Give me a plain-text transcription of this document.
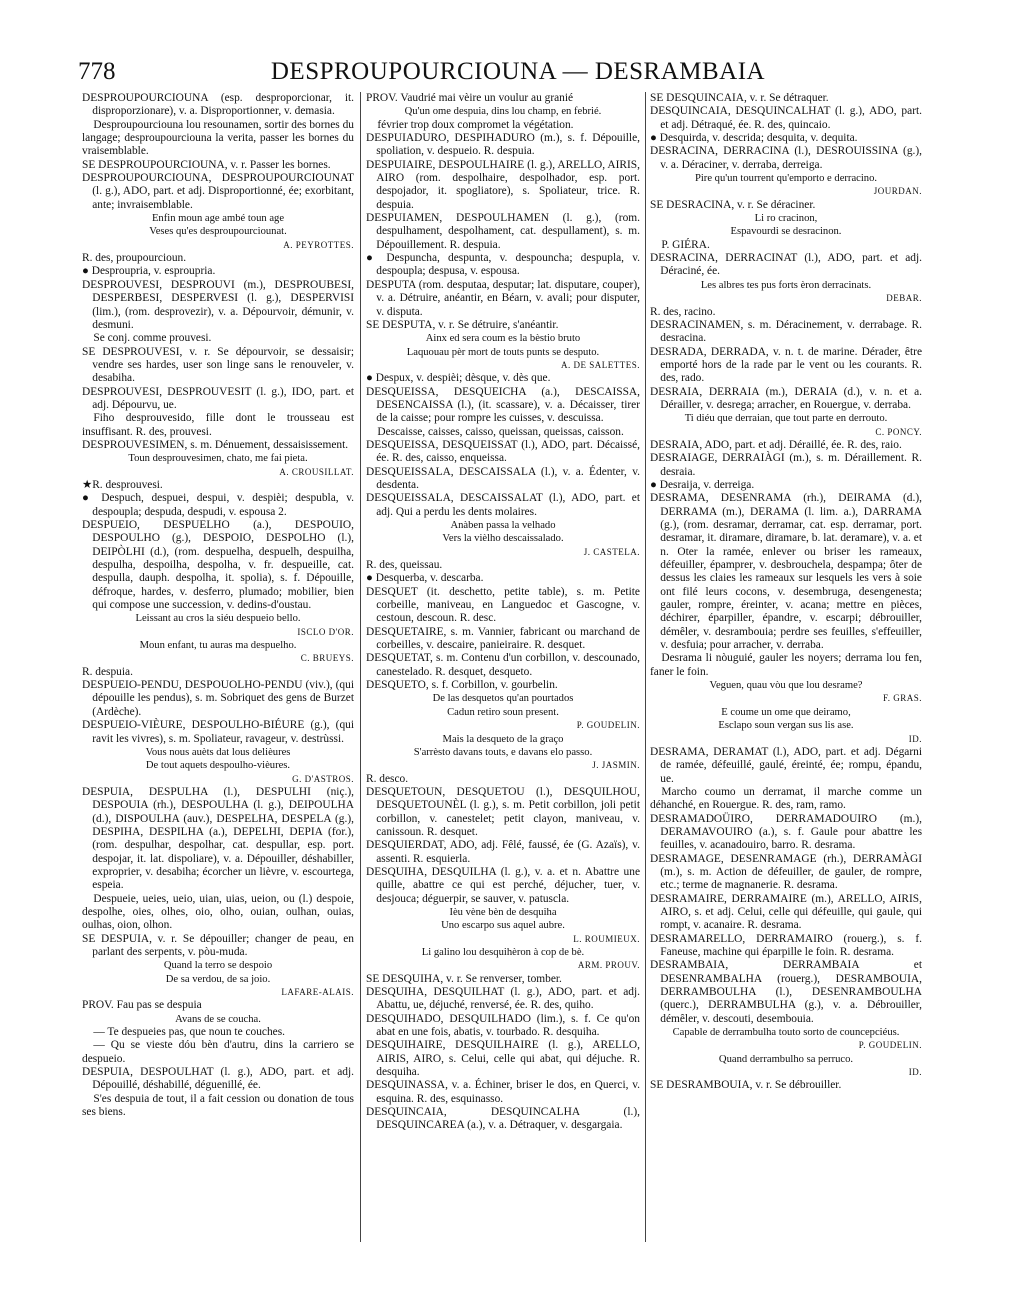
778	DESPROUPOURCIOUNA — DESRAMBAIA

DESPROUPOURCIOUNA (esp. desproporcionar, it. disproporzionare), v. a. Disproportionner, v. demasia.

Desproupourciouna lou resounamen, sortir des bornes du langage; desproupourciouna la verita, passer les bornes du vraisemblable.

SE DESPROUPOURCIOUNA, v. r. Passer les bornes.

DESPROUPOURCIOUNA, DESPROUPOURCIOUNAT (l. g.), ADO, part. et adj. Disproportionné, ée; exorbitant, ante; invraisemblable.

Enfin moun age ambé toun age

Veses qu'es desproupourciounat.

A. PEYROTTES.

R. des, proupourcioun.

● Desproupria, v. esproupria.

DESPROUVESI, DESPROUVI (m.), DESPROUBESI, DESPERBESI, DESPERVESI (l. g.), DESPERVISI (lim.), (rom. desprovezir), v. a. Dépourvoir, démunir, v. desmuni.

Se conj. comme prouvesi.

SE DESPROUVESI, v. r. Se dépourvoir, se dessaisir; vendre ses hardes, user son linge sans le renouveler, v. desabiha.

DESPROUVESI, DESPROUVESIT (l. g.), IDO, part. et adj. Dépourvu, ue.

Fiho desprouvesido, fille dont le trousseau est insuffisant. R. des, prouvesi.

DESPROUVESIMEN, s. m. Dénuement, dessaisissement.

Toun desprouvesimen, chato, me fai pieta.

A. CROUSILLAT.

★R. desprouvesi.

● Despuch, despuei, despui, v. despièi; despubla, v. despoupla; despuda, despudi, v. espousa 2.

DESPUEIO, DESPUELHO (a.), DESPOUIO, DESPOULHO (g.), DESPOIO, DESPOLHO (l.), DEIPÒLHI (d.), (rom. despuelha, despuelh, despuilha, despulha, despoilha, despolha, v. fr. despueille, cat. despulla, dauph. despolha, it. spolia), s. f. Dépouille, défroque, hardes, v. desferro, plumado; mobilier, bien qui compose une succession, v. dedins-d'oustau.

Leissant au cros la siéu despueio bello.

ISCLO D'OR.

Moun enfant, tu auras ma despuelho.

C. BRUEYS.

R. despuia.

DESPUEIO-PENDU, DESPOUOLHO-PENDU (viv.), (qui dépouille les pendus), s. m. Sobriquet des gens de Burzet (Ardèche).

DESPUEIO-VIÈURE, DESPOULHO-BIÉURE (g.), (qui ravit les vivres), s. m. Spoliateur, ravageur, v. destrùssi.

Vous nous auèts dat lous delièures

De tout aquets despoulho-vièures.

G. D'ASTROS.

DESPUIA, DESPULHA (l.), DESPULHI (niç.), DESPOUIA (rh.), DESPOULHA (l. g.), DEIPOULHA (d.), DISPOULHA (auv.), DESPELHA, DESPELA (g.), DESPIHA, DESPILHA (a.), DEPELHI, DEPIA (for.), (rom. despulhar, despolhar, cat. despullar, esp. port. despojar, it. lat. dispoliare), v. a. Dépouiller, déshabiller, exproprier, v. desabiha; écorcher un lièvre, v. escourtega, espeia.

Despueie, ueies, ueio, uian, uias, ueion, ou (l.) despoie, despolhe, oies, olhes, oio, olho, ouian, oulhan, ouias, oulhas, oion, olhon.

SE DESPUIA, v. r. Se dépouiller; changer de peau, en parlant des serpents, v. pòu-muda.

Quand la terro se despoio

De sa verdou, de sa joio.

LAFARE-ALAIS.

PROV. Fau pas se despuia

Avans de se coucha.

— Te despueies pas, que noun te couches.

— Qu se vieste dóu bèn d'autru, dins la carriero se despueio.

DESPUIA, DESPOULHAT (l. g.), ADO, part. et adj. Dépouillé, déshabillé, déguenillé, ée.

S'es despuia de tout, il a fait cession ou donation de tous ses biens.

PROV. Vaudrié mai vèire un voulur au granié

Qu'un ome despuia, dins lou champ, en febrié.

février trop doux compromet la végétation.

DESPUIADURO, DESPIHADURO (m.), s. f. Dépouille, spoliation, v. despueio. R. despuia.

DESPUIAIRE, DESPOULHAIRE (l. g.), ARELLO, AIRIS, AIRO (rom. despolhaire, despolhador, esp. port. despojador, it. spogliatore), s. Spoliateur, trice. R. despuia.

DESPUIAMEN, DESPOULHAMEN (l. g.), (rom. despulhament, despolhament, cat. despullament), s. m. Dépouillement. R. despuia.

● Despuncha, despunta, v. despouncha; despupla, v. despoupla; despusa, v. espousa.

DESPUTA (rom. desputaa, desputar; lat. disputare, couper), v. a. Détruire, anéantir, en Béarn, v. avali; pour disputer, v. disputa.

SE DESPUTA, v. r. Se détruire, s'anéantir.

Ainx ed sera coum es la bèstio bruto

Laquouau pèr mort de touts punts se desputo.

A. DE SALETTES.

● Despux, v. despièi; dèsque, v. dès que.

DESQUEISSA, DESQUEICHA (a.), DESCAISSA, DESENCAISSA (l.), (it. scassare), v. a. Décaisser, tirer de la caisse; pour rompre les cuisses, v. descuissa.

Descaisse, caisses, caisso, queissan, queissas, caisson.

DESQUEISSA, DESQUEISSAT (l.), ADO, part. Décaissé, ée. R. des, caisso, enqueissa.

DESQUEISSALA, DESCAISSALA (l.), v. a. Édenter, v. desdenta.

DESQUEISSALA, DESCAISSALAT (l.), ADO, part. et adj. Qui a perdu les dents molaires.

Anàben passa la velhado

Vers la vièlho descaissalado.

J. CASTELA.

R. des, queissau.

● Desquerba, v. descarba.

DESQUET (it. deschetto, petite table), s. m. Petite corbeille, maniveau, en Languedoc et Gascogne, v. cestoun, descoun. R. desc.

DESQUETAIRE, s. m. Vannier, fabricant ou marchand de corbeilles, v. descaire, panieiraire. R. desquet.

DESQUETAT, s. m. Contenu d'un corbillon, v. descounado, canestelado. R. desquet, desqueto.

DESQUETO, s. f. Corbillon, v. gourbelin.

De las desquetos qu'an pourtados

Cadun retiro soun present.

P. GOUDELIN.

Mais la desqueto de la graço

S'arrèsto davans touts, e davans elo passo.

J. JASMIN.

R. desco.

DESQUETOUN, DESQUETOU (l.), DESQUILHOU, DESQUETOUNÈL (l. g.), s. m. Petit corbillon, joli petit corbillon, v. canestelet; petit clayon, maniveau, v. canissoun. R. desquet.

DESQUIERDAT, ADO, adj. Fêlé, faussé, ée (G. Azaïs), v. assenti. R. esquierla.

DESQUIHA, DESQUILHA (l. g.), v. a. et n. Abattre une quille, abattre ce qui est perché, déjucher, tuer, v. desjouca; déguerpir, se sauver, v. patusclа.

Ièu vène bèn de desquiha

Uno escarpo sus aquel aubre.

L. ROUMIEUX.

Li galino lou desquihèron à cop de bè.

ARM. PROUV.

SE DESQUIHA, v. r. Se renverser, tomber.

DESQUIHA, DESQUILHAT (l. g.), ADO, part. et adj. Abattu, ue, déjuché, renversé, ée. R. des, quiho.

DESQUIHADO, DESQUILHADO (lim.), s. f. Ce qu'on abat en une fois, abatis, v. tourbado. R. desquiha.

DESQUIHAIRE, DESQUILHAIRE (l. g.), ARELLO, AIRIS, AIRO, s. Celui, celle qui abat, qui déjuche. R. desquiha.

DESQUINASSA, v. a. Échiner, briser le dos, en Querci, v. esquina. R. des, esquinasso.

DESQUINCAIA, DESQUINCALHA (l.), DESQUINCAREA (a.), v. a. Détraquer, v. desgargaia.

SE DESQUINCAIA, v. r. Se détraquer.

DESQUINCAIA, DESQUINCALHAT (l. g.), ADO, part. et adj. Détraqué, ée. R. des, quincaio.

● Desquirda, v. descrida; desquita, v. dequita.

DESRACINA, DERRACINA (l.), DESROUISSINA (g.), v. a. Déraciner, v. derraba, derreiga.

Pire qu'un tourrent qu'emporto e derracino.

JOURDAN.

SE DESRACINA, v. r. Se déraciner.

Li ro cracinon,

Espavourdi se desracinon.

P. GIÉRA.

DESRACINA, DERRACINAT (l.), ADO, part. et adj. Déraciné, ée.

Les albres tes pus forts èron derracinats.

DEBAR.

R. des, racino.

DESRACINAMEN, s. m. Déracinement, v. derrabage. R. desracina.

DESRADA, DERRADA, v. n. t. de marine. Dérader, être emporté hors de la rade par le vent ou les courants. R. des, rado.

DESRAIA, DERRAIA (m.), DERAIA (d.), v. n. et a. Dérailler, v. desrega; arracher, en Rouergue, v. derraba.

Ti diéu que derraian, que tout parte en derrouto.

C. PONCY.

DESRAIA, ADO, part. et adj. Déraillé, ée. R. des, raio.

DESRAIAGE, DERRAIÀGI (m.), s. m. Déraillement. R. desraia.

● Desraija, v. derreiga.

DESRAMA, DESENRAMA (rh.), DEIRAMA (d.), DERRAMA (m.), DERAMA (l. lim. a.), DARRAMA (g.), (rom. desramar, derramar, cat. esp. derramar, port. desramar, it. diramare, diramare, b. lat. deramare), v. a. et n. Oter la ramée, enlever ou briser les rameaux, défeuiller, épamprer, v. desbrouchela, despampa; ôter de dessus les claies les rameaux sur lesquels les vers à soie ont filé leurs cocons, v. desembruga, desengenesta; gauler, rompre, éreinter, v. acana; mettre en pièces, déchirer, éparpiller, épandre, v. escarpi; débrouiller, démêler, v. desrambouia; perdre ses feuilles, s'effeuiller, v. desfuia; pour arracher, v. derraba.

Desrama li nòuguié, gauler les noyers; derrama lou fen, faner le foin.

Veguen, quau vòu que lou desrame?

F. GRAS.

E coume un ome que deiramo,

Esclapo soun vergan sus lis ase.

ID.

DESRAMA, DERAMAT (l.), ADO, part. et adj. Dégarni de ramée, défeuillé, gaulé, éreinté, ée; rompu, épandu, ue.

Marcho coumo un derramat, il marche comme un déhanché, en Rouergue. R. des, ram, ramo.

DESRAMADOÜIRO, DERRAMADOUIRO (m.), DERAMAVOUIRO (a.), s. f. Gaule pour abattre les feuilles, v. acanadouiro, barro. R. desrama.

DESRAMAGE, DESENRAMAGE (rh.), DERRAMÀGI (m.), s. m. Action de défeuiller, de gauler, de rompre, etc.; terme de magnanerie. R. desrama.

DESRAMAIRE, DERRAMAIRE (m.), ARELLO, AIRIS, AIRO, s. et adj. Celui, celle qui défeuille, qui gaule, qui rompt, v. acanaire. R. desrama.

DESRAMARELLO, DERRAMAIRO (rouerg.), s. f. Faneuse, machine qui éparpille le foin. R. desrama.

DESRAMBAIA, DERRAMBAIA et DESENRAMBALHA (rouerg.), DESRAMBOUIA, DERRAMBOULHA (l.), DESENRAMBOULHA (querc.), DERRAMBULHA (g.), v. a. Débrouiller, démêler, v. descouti, desembouia.

Capable de derrambulha touto sorto de councepciéus.

P. GOUDELIN.

Quand derrambulho sa perruco.

ID.

SE DESRAMBOUIA, v. r. Se débrouiller.
